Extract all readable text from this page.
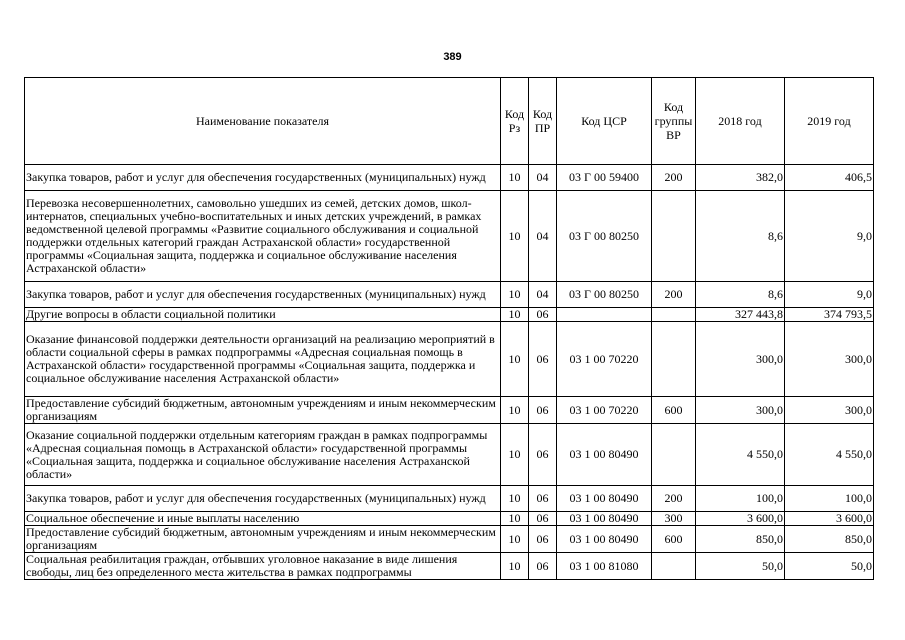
389
Наименование показателя	Код Рз	Код ПР	Код ЦСР	Код группы ВР	2018 год	2019 год
Закупка товаров, работ и услуг для обеспечения государственных (муниципальных) нужд	10	04	03 Г 00 59400	200	382,0	406,5
Перевозка несовершеннолетних, самовольно ушедших из семей, детских домов, школ-интернатов, специальных учебно-воспитательных и иных детских учреждений, в рамках ведомственной целевой программы «Развитие социального обслуживания и социальной поддержки отдельных категорий граждан Астраханской области» государственной программы «Социальная защита, поддержка и социальное обслуживание населения Астраханской области»	10	04	03 Г 00 80250		8,6	9,0
Закупка товаров, работ и услуг для обеспечения государственных (муниципальных) нужд	10	04	03 Г 00 80250	200	8,6	9,0
Другие вопросы в области социальной политики	10	06			327 443,8	374 793,5
Оказание финансовой поддержки деятельности организаций на реализацию мероприятий в области социальной сферы в рамках подпрограммы «Адресная социальная помощь в Астраханской области» государственной программы «Социальная защита, поддержка и социальное обслуживание населения Астраханской области»	10	06	03 1 00 70220		300,0	300,0
Предоставление субсидий бюджетным, автономным учреждениям и иным некоммерческим организациям	10	06	03 1 00 70220	600	300,0	300,0
Оказание социальной поддержки отдельным категориям граждан в рамках подпрограммы «Адресная социальная помощь в Астраханской области» государственной программы «Социальная защита, поддержка и социальное обслуживание населения Астраханской области»	10	06	03 1 00 80490		4 550,0	4 550,0
Закупка товаров, работ и услуг для обеспечения государственных (муниципальных) нужд	10	06	03 1 00 80490	200	100,0	100,0
Социальное обеспечение и иные выплаты населению	10	06	03 1 00 80490	300	3 600,0	3 600,0
Предоставление субсидий бюджетным, автономным учреждениям и иным некоммерческим организациям	10	06	03 1 00 80490	600	850,0	850,0
Социальная реабилитация граждан, отбывших уголовное наказание в виде лишения свободы, лиц без определенного места жительства в рамках подпрограммы	10	06	03 1 00 81080		50,0	50,0
